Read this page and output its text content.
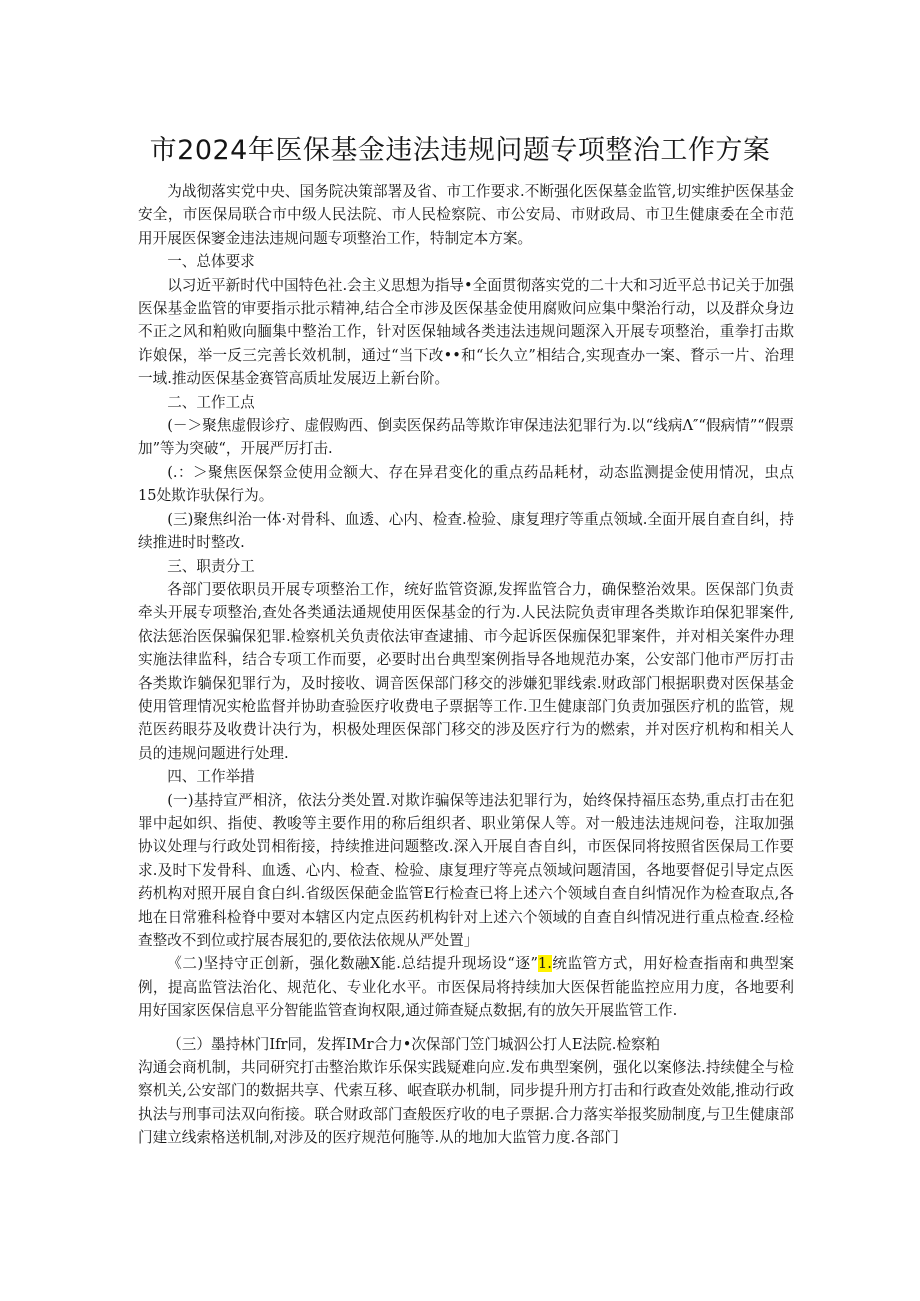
市2024年医保基金违法违规问题专项整治工作方案

为战彻落实党中央、国务院决策部署及省、市工作要求.不断强化医保墓金监管,切实维护医保基金安全，市医保局联合市中级人民法院、市人民检察院、市公安局、市财政局、市卫生健康委在全市范用开展医保窭金违法违规问题专项整治工作，特制定本方案。

一、总体要求

以习近平新时代中国特色社.会主义思想为指导•全面贯彻落实党的二十大和习近平总书记关于加强医保基金监管的审要指示批示精神,结合全市涉及医保基金使用腐败问应集中槃治行动，以及群众身边不正之风和粕败向腼集中整治工作，针对医保轴域各类违法违规问题深入开展专项整治，重拳打击欺诈娘保，举一反三完善长效机制，通过“当下改••和“长久立”相结合,实现查办一案、瞀示一片、治理一域.推动医保基金赛管高质址发展迈上新台阶。

二、工作工点

(－＞聚焦虚假诊疗、虚假购西、倒卖医保药品等欺诈审保违法犯罪行为.以“线病Λ″“假病情”“假票加”等为突破“，开展严厉打击.

(.：＞聚焦医保祭佥使用佥额大、存在异君变化的重点药品耗材，动态监测提金使用情况，虫点15处欺诈驮保行为。

(三)聚焦纠治一体·对骨科、血透、心内、检查.检验、康复理疗等重点领域.全面开展自查自纠，持续推进时时整改.

三、职责分工

各部门要依职员开展专项整治工作，统好监管资源,发挥监管合力，确保整治效果。医保部门负责牵头开展专项整治,查处各类通法通规使用医保基金的行为.人民法院负责审理各类欺诈珀保犯罪案件,依法惩治医保骗保犯罪.检察机关负责依法审查逮捕、市今起诉医保痂保犯罪案件，并对相关案件办理实施法律监科，结合专项工作而要，必要时出台典型案例指导各地规范办案，公安部门他市严厉打击各类欺诈躺保犯罪行为，及时接收、调音医保部门移交的涉嫌犯罪线索.财政部门根据职费对医保基金使用管理情况实枪监督并协助查验医疗收费电子票据等工作.卫生健康部门负责加强医疗机的监管，规范医药眼芬及收费计决行为，枳极处理医保部门移交的涉及医疗行为的燃索，并对医疗机构和相关人员的违规问题进行处理.

四、工作举措

(一)基持宣严相济，依法分类处置.对欺诈骗保等违法犯罪行为，始终保持福压态势,重点打击在犯罪中起如织、指使、教唆等主要作用的称后组织者、职业第保人等。对一般违法违规问卷，注取加强协议处理与行政处罚相衔接，持续推进问题整改.深入开展自杳自纠，市医保同将按照省医保局工作要求.及时下发骨科、血透、心内、检查、检验、康复理疗等亮点领域问题清国，各地要督促引导定点医药机构对照开展自食白纠.省级医保葩金监管E行检查已将上述六个领域自查自纠情况作为检查取点,各地在日常雅科检脊中要对本辖区内定点医药机构针对上述六个领域的自查自纠情况进行重点检查.经检查整改不到位或拧展杏展犯的,要依法依规从严处置」

《二)坚持守正创新，强化数融X能.总结提升现场设“逐”1.统监管方式，用好检查指南和典型案例，提高监管法治化、规范化、专业化水平。市医保局将持续加大医保哲能监控应用力度，各地要利用好国家医保信息平分智能监管查询权限,通过筛查疑点数据,有的放矢开展监管工作.

（三）墨持林门Ifr同，发挥IMr合力•次保部门笠门城泅公打人E法院.检察粕

沟通会商机制，共同研究打击整治欺诈乐保实践疑难向应.发布典型案例，强化以案修法.持续健全与检察机关,公安部门的数据共享、代索互移、岷查联办机制，同步提升刑方打击和行政查处效能,推动行政执法与刑事司法双向衔接。联合财政部门查般医疗收的电子票据.合力落实举报奖励制度,与卫生健康部门建立线索格送机制,对涉及的医疗规范何胣等.从的地加大监管力度.各部门
